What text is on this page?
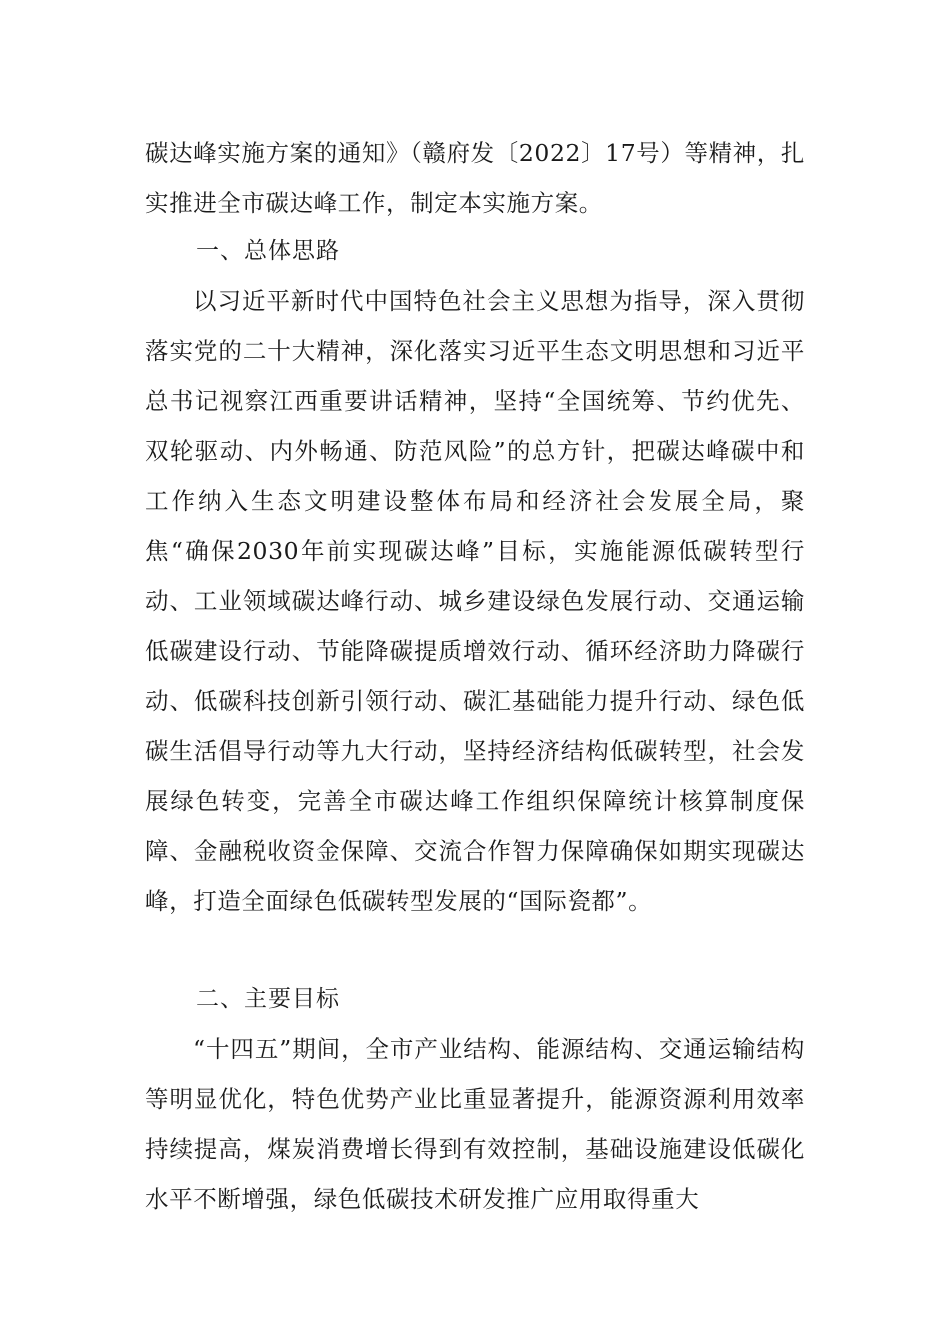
碳达峰实施方案的通知》（赣府发〔2022〕17号）等精神，扎实推进全市碳达峰工作，制定本实施方案。

一、总体思路

以习近平新时代中国特色社会主义思想为指导，深入贯彻落实党的二十大精神，深化落实习近平生态文明思想和习近平总书记视察江西重要讲话精神，坚持“全国统筹、节约优先、双轮驱动、内外畅通、防范风险”的总方针，把碳达峰碳中和工作纳入生态文明建设整体布局和经济社会发展全局，聚焦“确保2030年前实现碳达峰”目标，实施能源低碳转型行动、工业领域碳达峰行动、城乡建设绿色发展行动、交通运输低碳建设行动、节能降碳提质增效行动、循环经济助力降碳行动、低碳科技创新引领行动、碳汇基础能力提升行动、绿色低碳生活倡导行动等九大行动，坚持经济结构低碳转型，社会发展绿色转变，完善全市碳达峰工作组织保障统计核算制度保障、金融税收资金保障、交流合作智力保障确保如期实现碳达峰，打造全面绿色低碳转型发展的“国际瓷都”。

二、主要目标

“十四五”期间，全市产业结构、能源结构、交通运输结构等明显优化，特色优势产业比重显著提升，能源资源利用效率持续提高，煤炭消费增长得到有效控制，基础设施建设低碳化水平不断增强，绿色低碳技术研发推广应用取得重大
